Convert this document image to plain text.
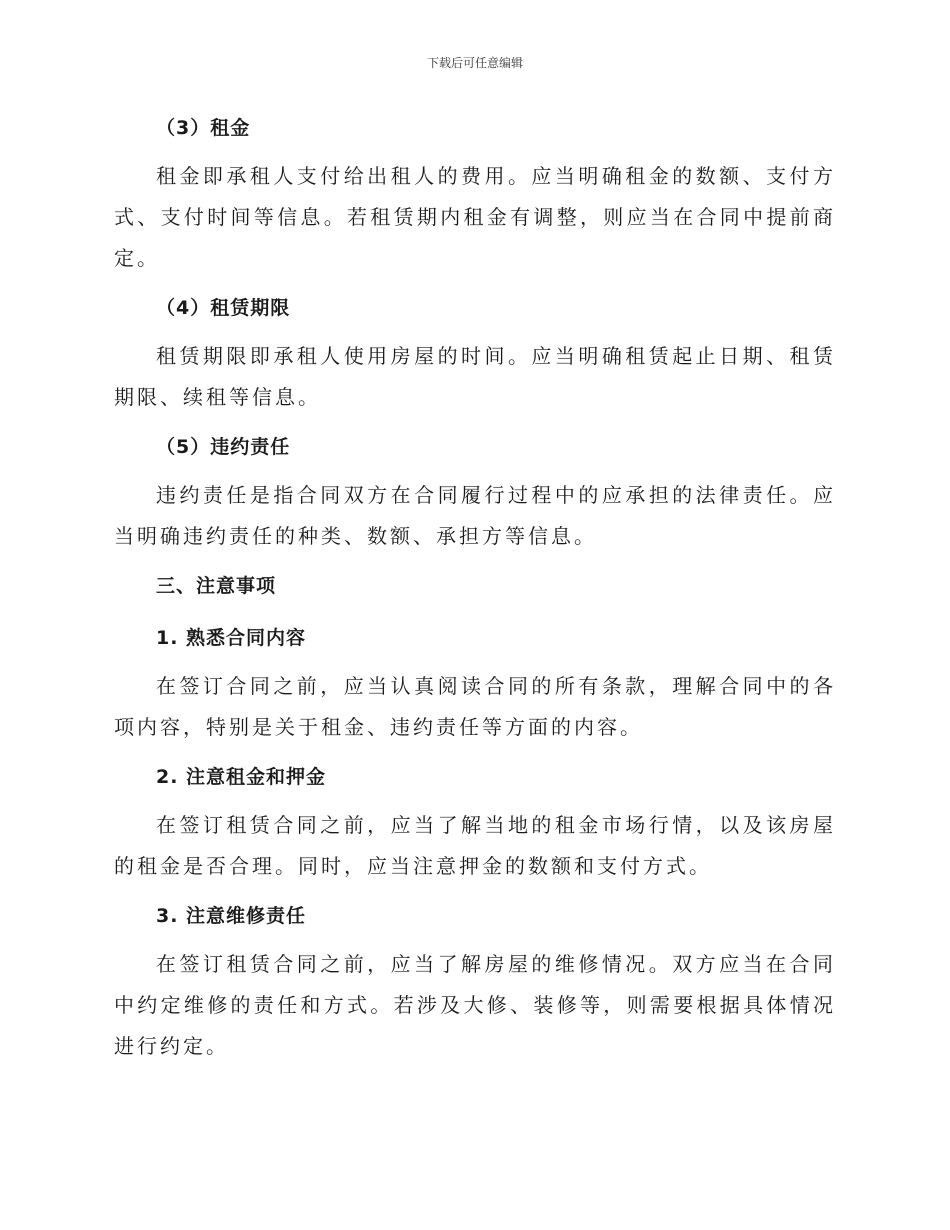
下载后可任意编辑
（3）租金

租金即承租人支付给出租人的费用。应当明确租金的数额、支付方式、支付时间等信息。若租赁期内租金有调整，则应当在合同中提前商定。

（4）租赁期限

租赁期限即承租人使用房屋的时间。应当明确租赁起止日期、租赁期限、续租等信息。

（5）违约责任

违约责任是指合同双方在合同履行过程中的应承担的法律责任。应当明确违约责任的种类、数额、承担方等信息。

三、注意事项
1. 熟悉合同内容

在签订合同之前，应当认真阅读合同的所有条款，理解合同中的各项内容，特别是关于租金、违约责任等方面的内容。

2. 注意租金和押金

在签订租赁合同之前，应当了解当地的租金市场行情，以及该房屋的租金是否合理。同时，应当注意押金的数额和支付方式。

3. 注意维修责任

在签订租赁合同之前，应当了解房屋的维修情况。双方应当在合同中约定维修的责任和方式。若涉及大修、装修等，则需要根据具体情况进行约定。
